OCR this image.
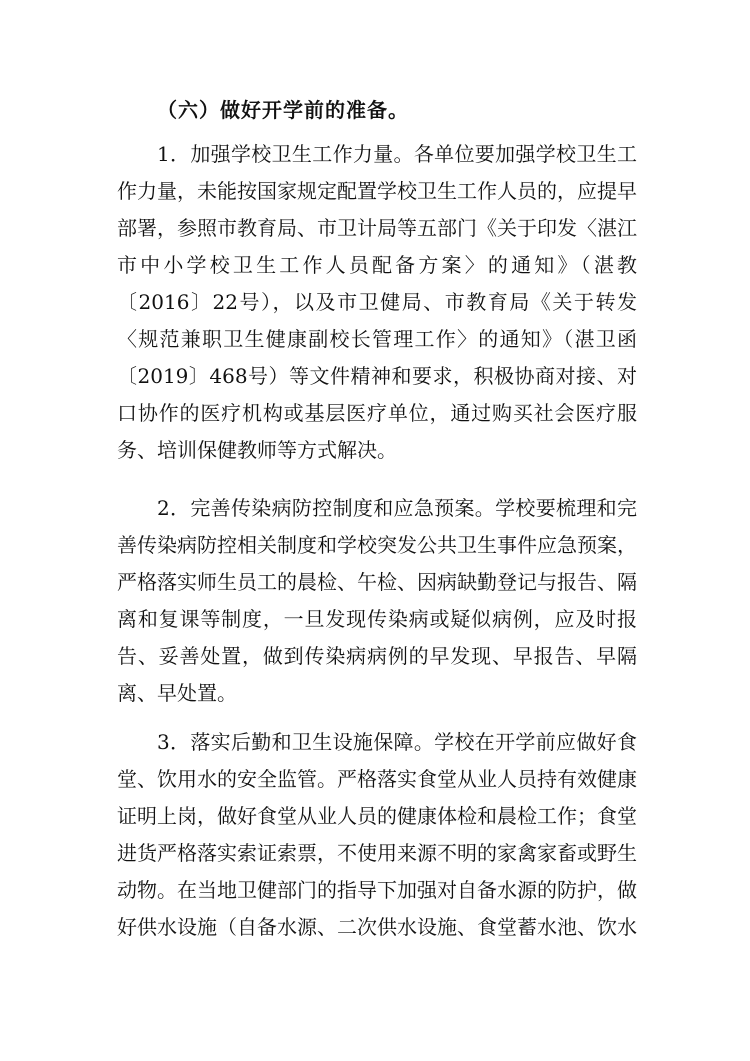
（六）做好开学前的准备。

1．加强学校卫生工作力量。各单位要加强学校卫生工作力量，未能按国家规定配置学校卫生工作人员的，应提早部署，参照市教育局、市卫计局等五部门《关于印发〈湛江市中小学校卫生工作人员配备方案〉的通知》（湛教〔2016〕22号），以及市卫健局、市教育局《关于转发〈规范兼职卫生健康副校长管理工作〉的通知》（湛卫函〔2019〕468号）等文件精神和要求，积极协商对接、对口协作的医疗机构或基层医疗单位，通过购买社会医疗服务、培训保健教师等方式解决。

2．完善传染病防控制度和应急预案。学校要梳理和完善传染病防控相关制度和学校突发公共卫生事件应急预案，严格落实师生员工的晨检、午检、因病缺勤登记与报告、隔离和复课等制度，一旦发现传染病或疑似病例，应及时报告、妥善处置，做到传染病病例的早发现、早报告、早隔离、早处置。

3．落实后勤和卫生设施保障。学校在开学前应做好食堂、饮用水的安全监管。严格落实食堂从业人员持有效健康证明上岗，做好食堂从业人员的健康体检和晨检工作；食堂进货严格落实索证索票，不使用来源不明的家禽家畜或野生动物。在当地卫健部门的指导下加强对自备水源的防护，做好供水设施（自备水源、二次供水设施、食堂蓄水池、饮水
